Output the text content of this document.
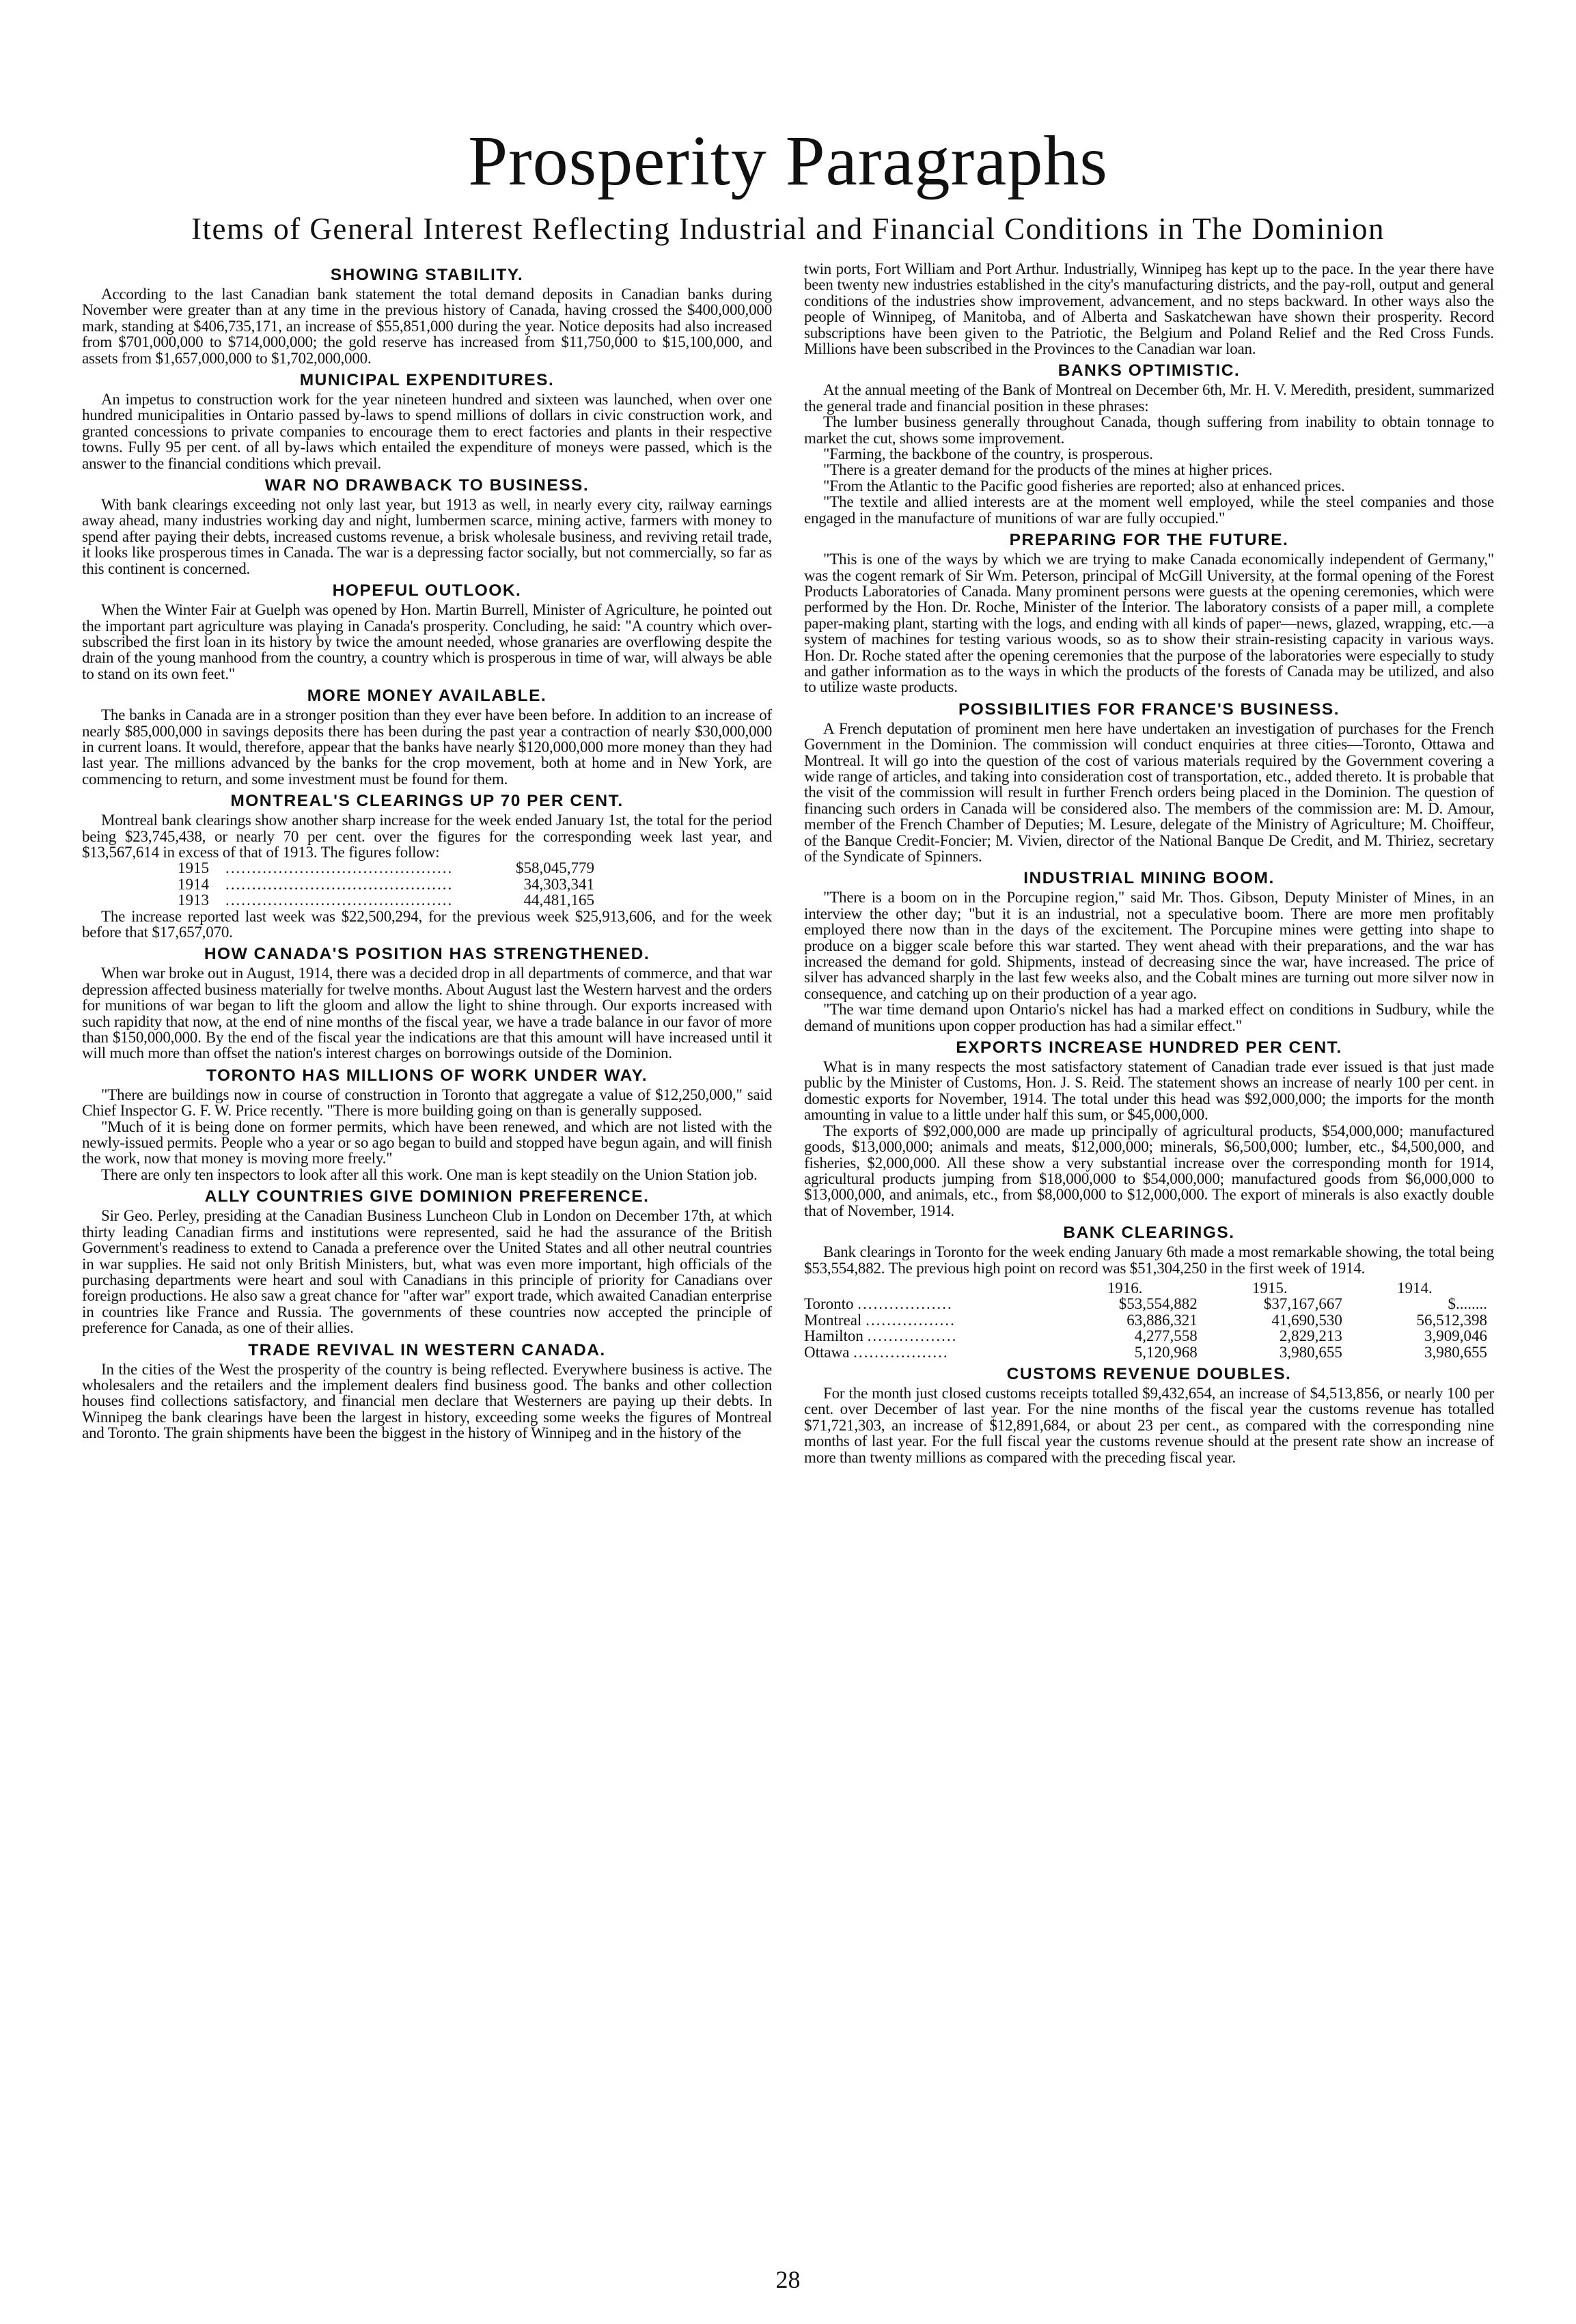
Prosperity Paragraphs
Items of General Interest Reflecting Industrial and Financial Conditions in The Dominion
SHOWING STABILITY.

According to the last Canadian bank statement the total demand deposits in Canadian banks during November were greater than at any time in the previous history of Canada, having crossed the $400,000,000 mark, standing at $406,735,171, an increase of $55,851,000 during the year. Notice deposits had also increased from $701,000,000 to $714,000,000; the gold reserve has increased from $11,750,000 to $15,100,000, and assets from $1,657,000,000 to $1,702,000,000.

MUNICIPAL EXPENDITURES.

An impetus to construction work for the year nineteen hundred and sixteen was launched, when over one hundred municipalities in Ontario passed by-laws to spend millions of dollars in civic construction work, and granted concessions to private companies to encourage them to erect factories and plants in their respective towns. Fully 95 per cent. of all by-laws which entailed the expenditure of moneys were passed, which is the answer to the financial conditions which prevail.

WAR NO DRAWBACK TO BUSINESS.

With bank clearings exceeding not only last year, but 1913 as well, in nearly every city, railway earnings away ahead, many industries working day and night, lumbermen scarce, mining active, farmers with money to spend after paying their debts, increased customs revenue, a brisk wholesale business, and reviving retail trade, it looks like prosperous times in Canada. The war is a depressing factor socially, but not commercially, so far as this continent is concerned.

HOPEFUL OUTLOOK.

When the Winter Fair at Guelph was opened by Hon. Martin Burrell, Minister of Agriculture, he pointed out the important part agriculture was playing in Canada's prosperity. Concluding, he said: "A country which over-subscribed the first loan in its history by twice the amount needed, whose granaries are overflowing despite the drain of the young manhood from the country, a country which is prosperous in time of war, will always be able to stand on its own feet."

MORE MONEY AVAILABLE.

The banks in Canada are in a stronger position than they ever have been before. In addition to an increase of nearly $85,000,000 in savings deposits there has been during the past year a contraction of nearly $30,000,000 in current loans. It would, therefore, appear that the banks have nearly $120,000,000 more money than they had last year. The millions advanced by the banks for the crop movement, both at home and in New York, are commencing to return, and some investment must be found for them.

MONTREAL'S CLEARINGS UP 70 PER CENT.

Montreal bank clearings show another sharp increase for the week ended January 1st, the total for the period being $23,745,438, or nearly 70 per cent. over the figures for the corresponding week last year, and $13,567,614 in excess of that of 1913. The figures follow:

1915	...........................................	$58,045,779
1914	...........................................	34,303,341
1913	...........................................	44,481,165

The increase reported last week was $22,500,294, for the previous week $25,913,606, and for the week before that $17,657,070.

HOW CANADA'S POSITION HAS STRENGTHENED.

When war broke out in August, 1914, there was a decided drop in all departments of commerce, and that war depression affected business materially for twelve months. About August last the Western harvest and the orders for munitions of war began to lift the gloom and allow the light to shine through. Our exports increased with such rapidity that now, at the end of nine months of the fiscal year, we have a trade balance in our favor of more than $150,000,000. By the end of the fiscal year the indications are that this amount will have increased until it will much more than offset the nation's interest charges on borrowings outside of the Dominion.

TORONTO HAS MILLIONS OF WORK UNDER WAY.

"There are buildings now in course of construction in Toronto that aggregate a value of $12,250,000," said Chief Inspector G. F. W. Price recently. "There is more building going on than is generally supposed.

"Much of it is being done on former permits, which have been renewed, and which are not listed with the newly-issued permits. People who a year or so ago began to build and stopped have begun again, and will finish the work, now that money is moving more freely."

There are only ten inspectors to look after all this work. One man is kept steadily on the Union Station job.

ALLY COUNTRIES GIVE DOMINION PREFERENCE.

Sir Geo. Perley, presiding at the Canadian Business Luncheon Club in London on December 17th, at which thirty leading Canadian firms and institutions were represented, said he had the assurance of the British Government's readiness to extend to Canada a preference over the United States and all other neutral countries in war supplies. He said not only British Ministers, but, what was even more important, high officials of the purchasing departments were heart and soul with Canadians in this principle of priority for Canadians over foreign productions. He also saw a great chance for "after war" export trade, which awaited Canadian enterprise in countries like France and Russia. The governments of these countries now accepted the principle of preference for Canada, as one of their allies.

TRADE REVIVAL IN WESTERN CANADA.

In the cities of the West the prosperity of the country is being reflected. Everywhere business is active. The wholesalers and the retailers and the implement dealers find business good. The banks and other collection houses find collections satisfactory, and financial men declare that Westerners are paying up their debts. In Winnipeg the bank clearings have been the largest in history, exceeding some weeks the figures of Montreal and Toronto. The grain shipments have been the biggest in the history of Winnipeg and in the history of the

twin ports, Fort William and Port Arthur. Industrially, Winnipeg has kept up to the pace. In the year there have been twenty new industries established in the city's manufacturing districts, and the pay-roll, output and general conditions of the industries show improvement, advancement, and no steps backward. In other ways also the people of Winnipeg, of Manitoba, and of Alberta and Saskatchewan have shown their prosperity. Record subscriptions have been given to the Patriotic, the Belgium and Poland Relief and the Red Cross Funds. Millions have been subscribed in the Provinces to the Canadian war loan.

BANKS OPTIMISTIC.

At the annual meeting of the Bank of Montreal on December 6th, Mr. H. V. Meredith, president, summarized the general trade and financial position in these phrases:

The lumber business generally throughout Canada, though suffering from inability to obtain tonnage to market the cut, shows some improvement.

"Farming, the backbone of the country, is prosperous.

"There is a greater demand for the products of the mines at higher prices.

"From the Atlantic to the Pacific good fisheries are reported; also at enhanced prices.

"The textile and allied interests are at the moment well employed, while the steel companies and those engaged in the manufacture of munitions of war are fully occupied."

PREPARING FOR THE FUTURE.

"This is one of the ways by which we are trying to make Canada economically independent of Germany," was the cogent remark of Sir Wm. Peterson, principal of McGill University, at the formal opening of the Forest Products Laboratories of Canada. Many prominent persons were guests at the opening ceremonies, which were performed by the Hon. Dr. Roche, Minister of the Interior. The laboratory consists of a paper mill, a complete paper-making plant, starting with the logs, and ending with all kinds of paper—news, glazed, wrapping, etc.—a system of machines for testing various woods, so as to show their strain-resisting capacity in various ways. Hon. Dr. Roche stated after the opening ceremonies that the purpose of the laboratories were especially to study and gather information as to the ways in which the products of the forests of Canada may be utilized, and also to utilize waste products.

POSSIBILITIES FOR FRANCE'S BUSINESS.

A French deputation of prominent men here have undertaken an investigation of purchases for the French Government in the Dominion. The commission will conduct enquiries at three cities—Toronto, Ottawa and Montreal. It will go into the question of the cost of various materials required by the Government covering a wide range of articles, and taking into consideration cost of transportation, etc., added thereto. It is probable that the visit of the commission will result in further French orders being placed in the Dominion. The question of financing such orders in Canada will be considered also. The members of the commission are: M. D. Amour, member of the French Chamber of Deputies; M. Lesure, delegate of the Ministry of Agriculture; M. Choiffeur, of the Banque Credit-Foncier; M. Vivien, director of the National Banque De Credit, and M. Thiriez, secretary of the Syndicate of Spinners.

INDUSTRIAL MINING BOOM.

"There is a boom on in the Porcupine region," said Mr. Thos. Gibson, Deputy Minister of Mines, in an interview the other day; "but it is an industrial, not a speculative boom. There are more men profitably employed there now than in the days of the excitement. The Porcupine mines were getting into shape to produce on a bigger scale before this war started. They went ahead with their preparations, and the war has increased the demand for gold. Shipments, instead of decreasing since the war, have increased. The price of silver has advanced sharply in the last few weeks also, and the Cobalt mines are turning out more silver now in consequence, and catching up on their production of a year ago.

"The war time demand upon Ontario's nickel has had a marked effect on conditions in Sudbury, while the demand of munitions upon copper production has had a similar effect."

EXPORTS INCREASE HUNDRED PER CENT.

What is in many respects the most satisfactory statement of Canadian trade ever issued is that just made public by the Minister of Customs, Hon. J. S. Reid. The statement shows an increase of nearly 100 per cent. in domestic exports for November, 1914. The total under this head was $92,000,000; the imports for the month amounting in value to a little under half this sum, or $45,000,000.

The exports of $92,000,000 are made up principally of agricultural products, $54,000,000; manufactured goods, $13,000,000; animals and meats, $12,000,000; minerals, $6,500,000; lumber, etc., $4,500,000, and fisheries, $2,000,000. All these show a very substantial increase over the corresponding month for 1914, agricultural products jumping from $18,000,000 to $54,000,000; manufactured goods from $6,000,000 to $13,000,000, and animals, etc., from $8,000,000 to $12,000,000. The export of minerals is also exactly double that of November, 1914.

BANK CLEARINGS.

Bank clearings in Toronto for the week ending January 6th made a most remarkable showing, the total being $53,554,882. The previous high point on record was $51,304,250 in the first week of 1914.

	1916.	1915.	1914.
Toronto ..................	$53,554,882	$37,167,667	$........
Montreal .................	63,886,321	41,690,530	56,512,398
Hamilton .................	4,277,558	2,829,213	3,909,046
Ottawa ..................	5,120,968	3,980,655	3,980,655
CUSTOMS REVENUE DOUBLES.

For the month just closed customs receipts totalled $9,432,654, an increase of $4,513,856, or nearly 100 per cent. over December of last year. For the nine months of the fiscal year the customs revenue has totalled $71,721,303, an increase of $12,891,684, or about 23 per cent., as compared with the corresponding nine months of last year. For the full fiscal year the customs revenue should at the present rate show an increase of more than twenty millions as compared with the preceding fiscal year.

28
